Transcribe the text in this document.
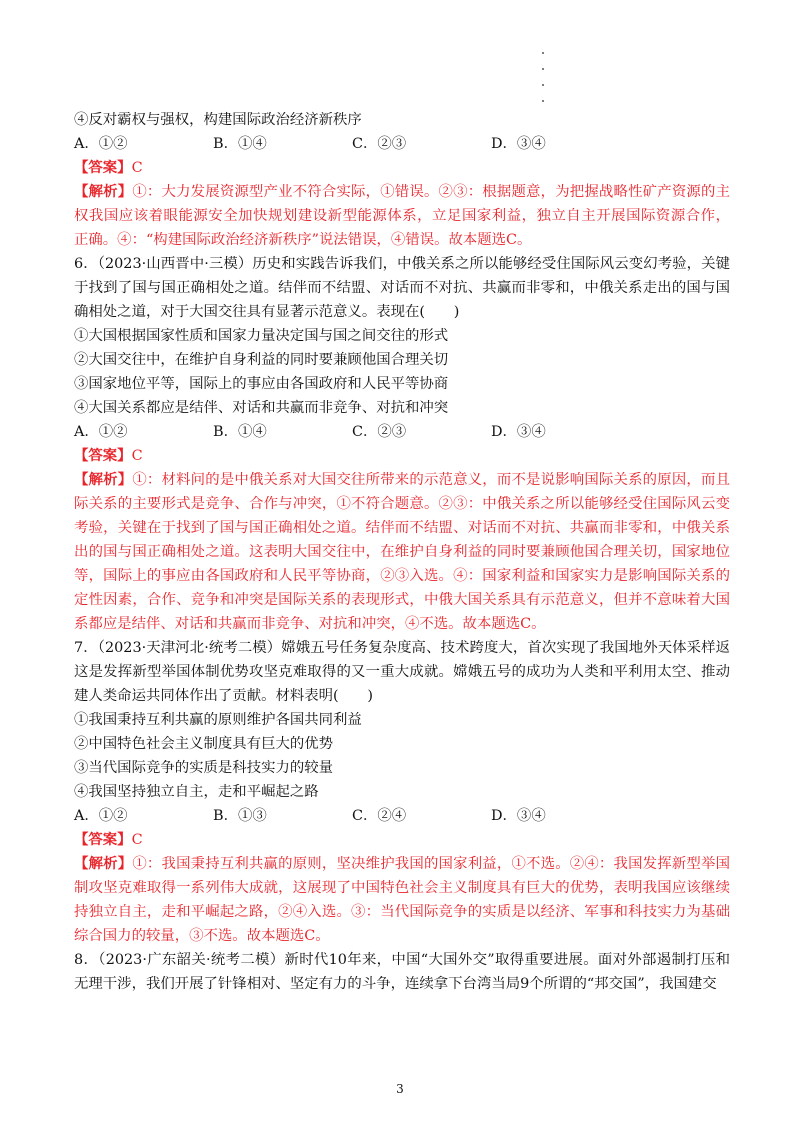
④反对霸权与强权，构建国际政治经济新秩序
A．①②	B．①④	C．②③	D．③④
【答案】C
【解析】①：大力发展资源型产业不符合实际，①错误。②③：根据题意，为把握战略性矿产资源的主
权我国应该着眼能源安全加快规划建设新型能源体系，立足国家利益，独立自主开展国际资源合作，
正确。④：“构建国际政治经济新秩序”说法错误，④错误。故本题选C。
6．（2023·山西晋中·三模）历史和实践告诉我们，中俄关系之所以能够经受住国际风云变幻考验，关键
于找到了国与国正确相处之道。结伴而不结盟、对话而不对抗、共赢而非零和，中俄关系走出的国与国
确相处之道，对于大国交往具有显著示范意义。表现在(　　)
①大国根据国家性质和国家力量决定国与国之间交往的形式
②大国交往中，在维护自身利益的同时要兼顾他国合理关切
③国家地位平等，国际上的事应由各国政府和人民平等协商
④大国关系都应是结伴、对话和共赢而非竞争、对抗和冲突
A．①②	B．①④	C．②③	D．③④
【答案】C
【解析】①：材料问的是中俄关系对大国交往所带来的示范意义，而不是说影响国际关系的原因，而且
际关系的主要形式是竞争、合作与冲突，①不符合题意。②③：中俄关系之所以能够经受住国际风云变
考验，关键在于找到了国与国正确相处之道。结伴而不结盟、对话而不对抗、共赢而非零和，中俄关系
出的国与国正确相处之道。这表明大国交往中，在维护自身利益的同时要兼顾他国合理关切，国家地位
等，国际上的事应由各国政府和人民平等协商，②③入选。④：国家利益和国家实力是影响国际关系的
定性因素，合作、竞争和冲突是国际关系的表现形式，中俄大国关系具有示范意义，但并不意味着大国
系都应是结伴、对话和共赢而非竞争、对抗和冲突，④不选。故本题选C。
7．（2023·天津河北·统考二模）嫦娥五号任务复杂度高、技术跨度大，首次实现了我国地外天体采样返
这是发挥新型举国体制优势攻坚克难取得的又一重大成就。嫦娥五号的成功为人类和平利用太空、推动
建人类命运共同体作出了贡献。材料表明(　　)
①我国秉持互利共赢的原则维护各国共同利益
②中国特色社会主义制度具有巨大的优势
③当代国际竞争的实质是科技实力的较量
④我国坚持独立自主，走和平崛起之路
A．①②	B．①③	C．②④	D．③④
【答案】C
【解析】①：我国秉持互利共赢的原则，坚决维护我国的国家利益，①不选。②④：我国发挥新型举国
制攻坚克难取得一系列伟大成就，这展现了中国特色社会主义制度具有巨大的优势，表明我国应该继续
持独立自主，走和平崛起之路，②④入选。③：当代国际竞争的实质是以经济、军事和科技实力为基础
综合国力的较量，③不选。故本题选C。
8．（2023·广东韶关·统考二模）新时代10年来，中国“大国外交”取得重要进展。面对外部遏制打压和
无理干涉，我们开展了针锋相对、坚定有力的斗争，连续拿下台湾当局9个所谓的“邦交国”，我国建交
3
